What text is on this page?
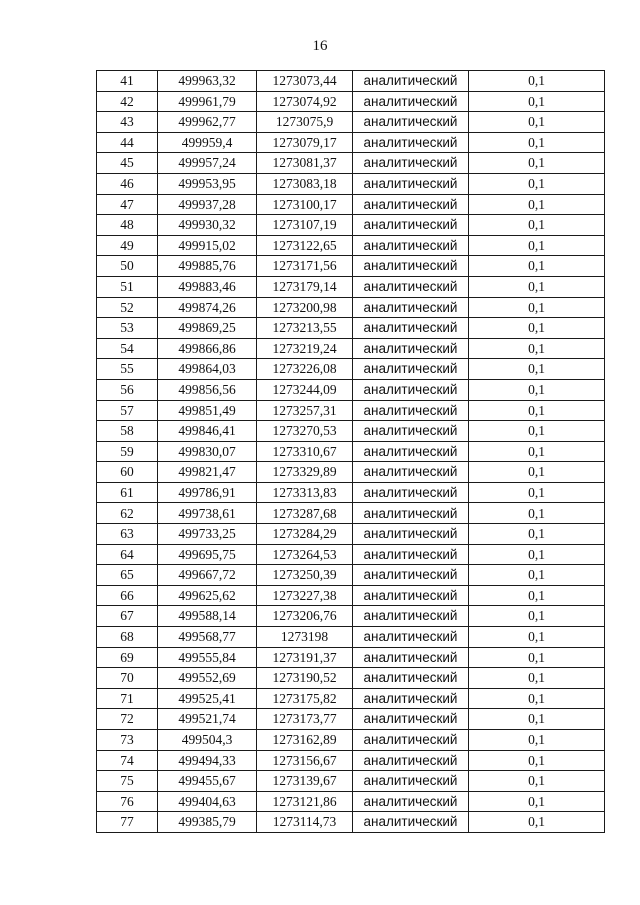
16
41	499963,32	1273073,44	аналитический	0,1
42	499961,79	1273074,92	аналитический	0,1
43	499962,77	1273075,9	аналитический	0,1
44	499959,4	1273079,17	аналитический	0,1
45	499957,24	1273081,37	аналитический	0,1
46	499953,95	1273083,18	аналитический	0,1
47	499937,28	1273100,17	аналитический	0,1
48	499930,32	1273107,19	аналитический	0,1
49	499915,02	1273122,65	аналитический	0,1
50	499885,76	1273171,56	аналитический	0,1
51	499883,46	1273179,14	аналитический	0,1
52	499874,26	1273200,98	аналитический	0,1
53	499869,25	1273213,55	аналитический	0,1
54	499866,86	1273219,24	аналитический	0,1
55	499864,03	1273226,08	аналитический	0,1
56	499856,56	1273244,09	аналитический	0,1
57	499851,49	1273257,31	аналитический	0,1
58	499846,41	1273270,53	аналитический	0,1
59	499830,07	1273310,67	аналитический	0,1
60	499821,47	1273329,89	аналитический	0,1
61	499786,91	1273313,83	аналитический	0,1
62	499738,61	1273287,68	аналитический	0,1
63	499733,25	1273284,29	аналитический	0,1
64	499695,75	1273264,53	аналитический	0,1
65	499667,72	1273250,39	аналитический	0,1
66	499625,62	1273227,38	аналитический	0,1
67	499588,14	1273206,76	аналитический	0,1
68	499568,77	1273198	аналитический	0,1
69	499555,84	1273191,37	аналитический	0,1
70	499552,69	1273190,52	аналитический	0,1
71	499525,41	1273175,82	аналитический	0,1
72	499521,74	1273173,77	аналитический	0,1
73	499504,3	1273162,89	аналитический	0,1
74	499494,33	1273156,67	аналитический	0,1
75	499455,67	1273139,67	аналитический	0,1
76	499404,63	1273121,86	аналитический	0,1
77	499385,79	1273114,73	аналитический	0,1
